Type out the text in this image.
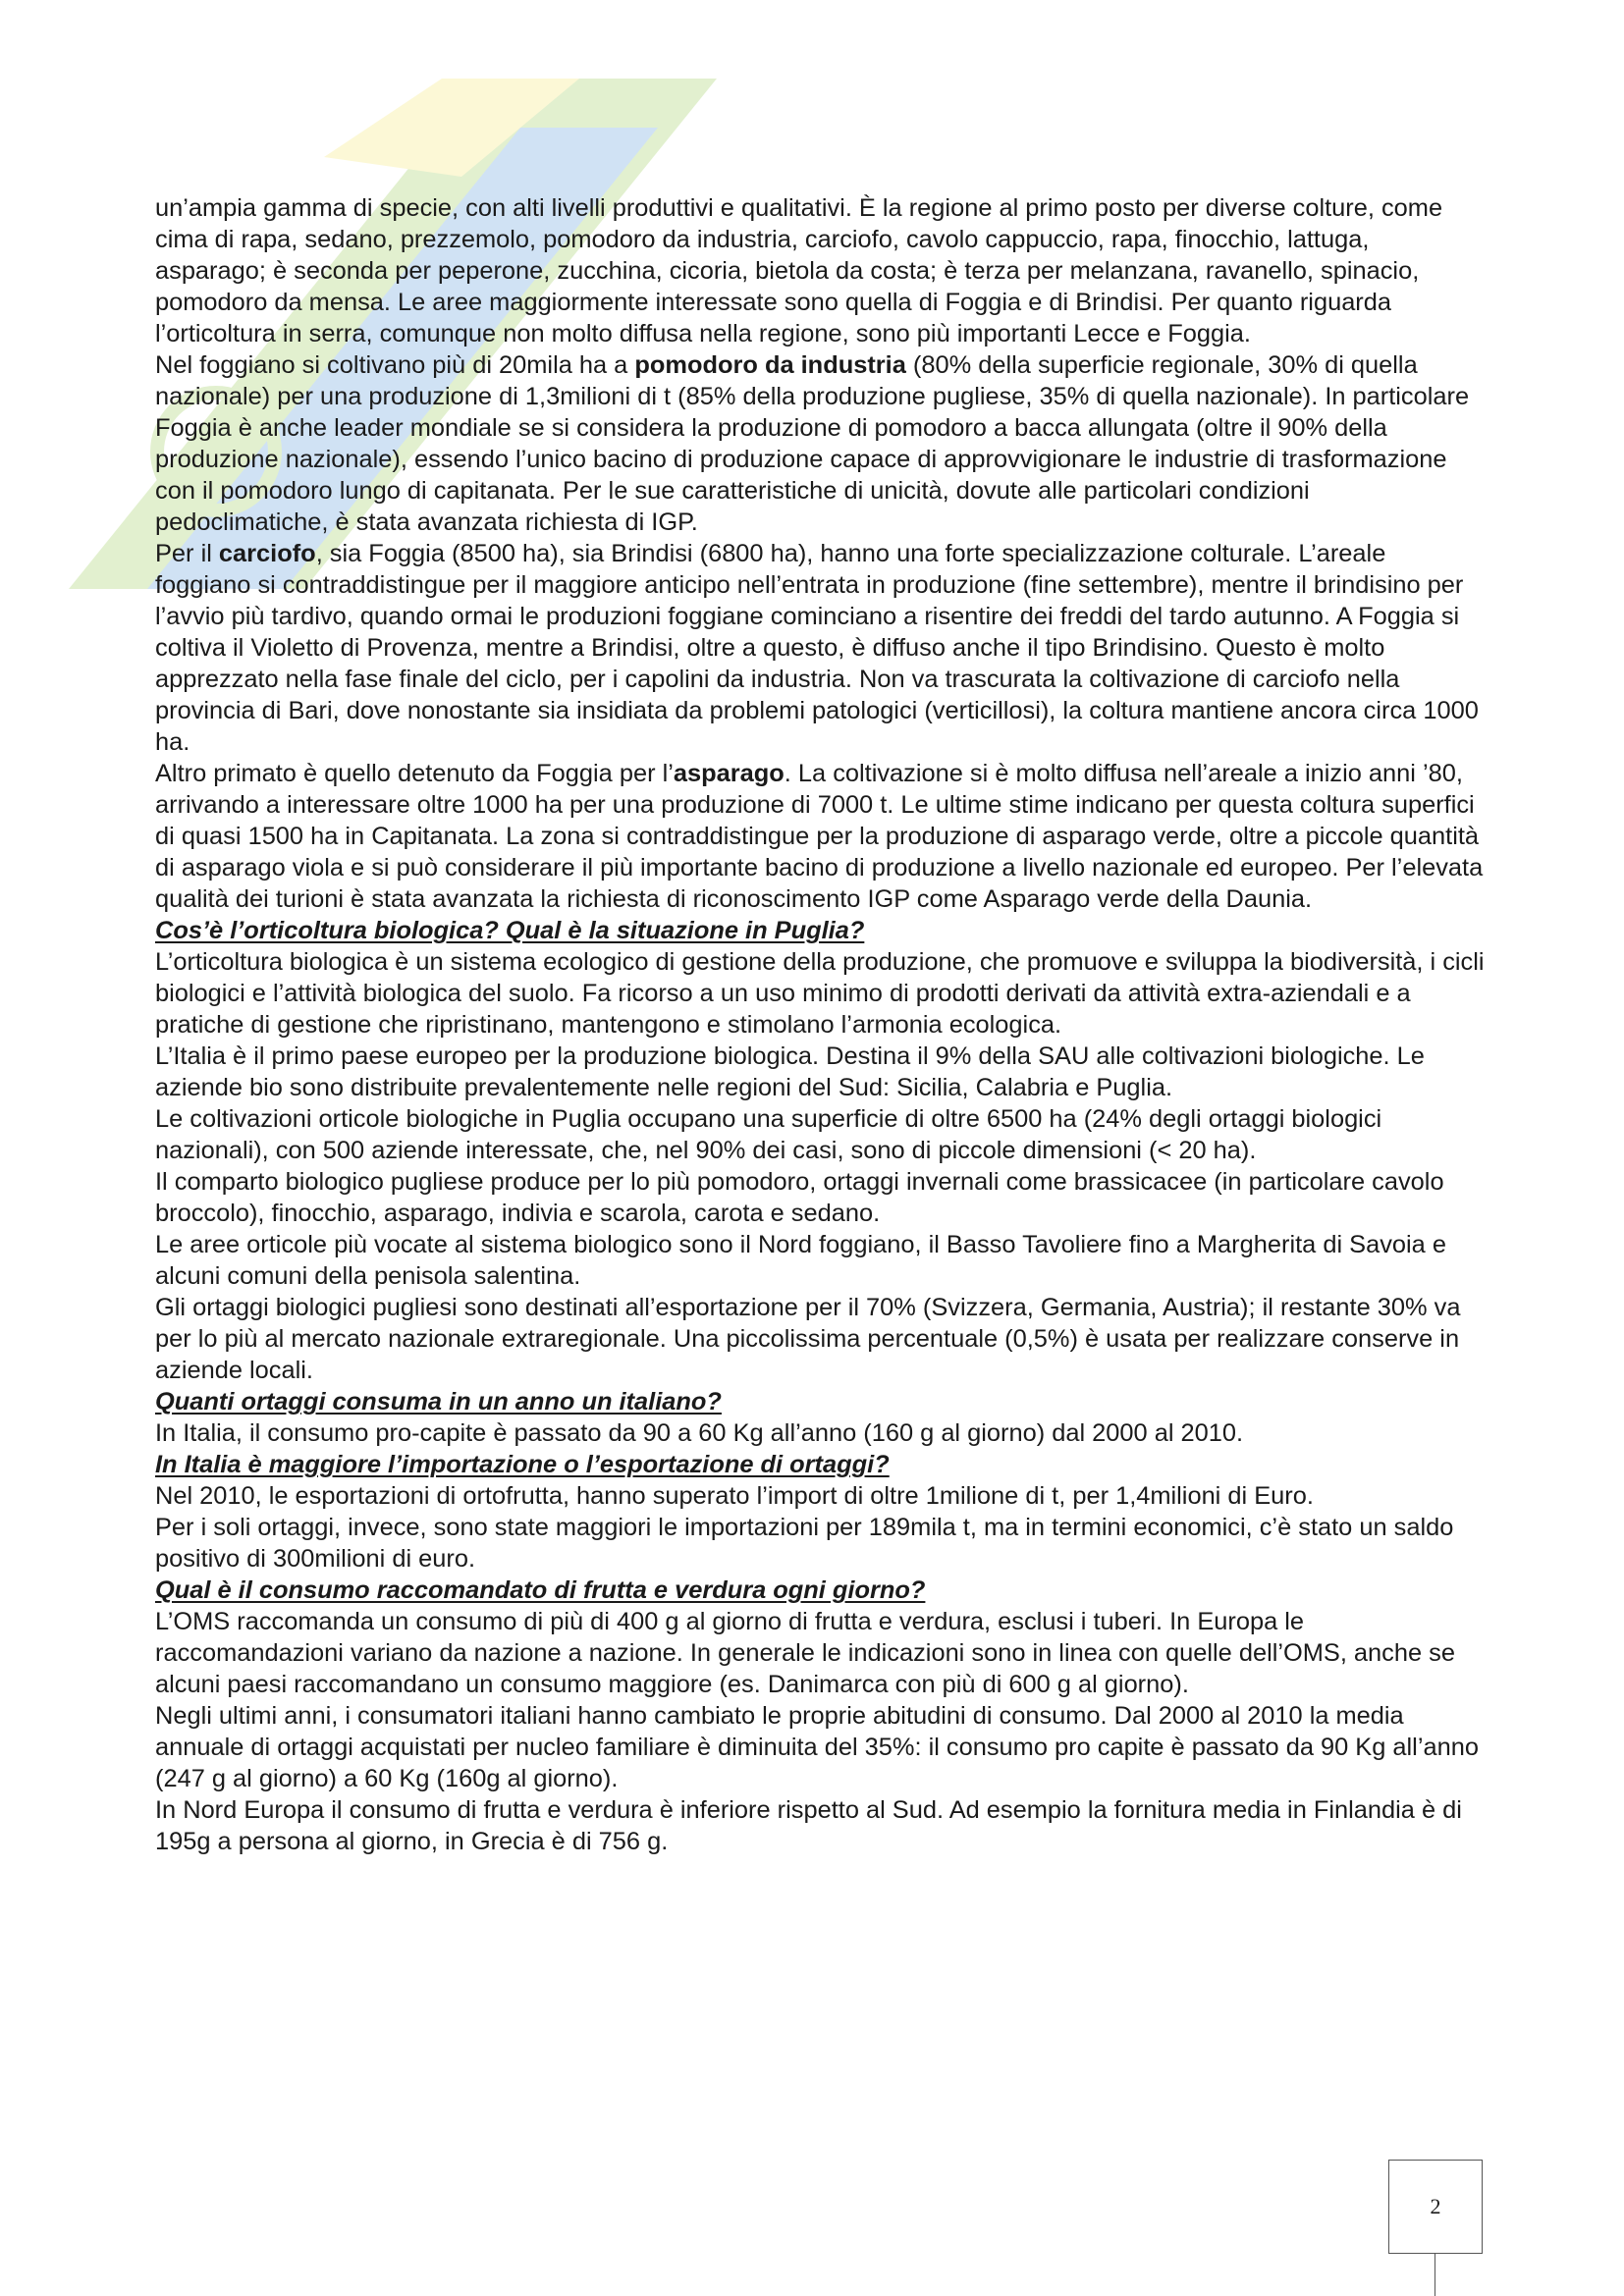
un’ampia gamma di specie, con alti livelli produttivi e qualitativi. È la regione al primo posto per diverse colture, come cima di rapa, sedano, prezzemolo, pomodoro da industria, carciofo, cavolo cappuccio, rapa, finocchio, lattuga, asparago; è seconda per peperone, zucchina, cicoria, bietola da costa; è terza per melanzana, ravanello, spinacio, pomodoro da mensa. Le aree maggiormente interessate sono quella di Foggia e di Brindisi. Per quanto riguarda l’orticoltura in serra, comunque non molto diffusa nella regione, sono più importanti Lecce e Foggia.

Nel foggiano si coltivano più di 20mila ha a pomodoro da industria (80% della superficie regionale, 30% di quella nazionale) per una produzione di 1,3milioni di t (85% della produzione pugliese, 35% di quella nazionale). In particolare Foggia è anche leader mondiale se si considera la produzione di pomodoro a bacca allungata (oltre il 90% della produzione nazionale), essendo l’unico bacino di produzione capace di approvvigionare le industrie di trasformazione con il pomodoro lungo di capitanata. Per le sue caratteristiche di unicità, dovute alle particolari condizioni pedoclimatiche, è stata avanzata richiesta di IGP.

Per il carciofo, sia Foggia (8500 ha), sia Brindisi (6800 ha), hanno una forte specializzazione colturale. L’areale foggiano si contraddistingue per il maggiore anticipo nell’entrata in produzione (fine settembre), mentre il brindisino per l’avvio più tardivo, quando ormai le produzioni foggiane cominciano a risentire dei freddi del tardo autunno. A Foggia si coltiva il Violetto di Provenza, mentre a Brindisi, oltre a questo, è diffuso anche il tipo Brindisino. Questo è molto apprezzato nella fase finale del ciclo, per i capolini da industria. Non va trascurata la coltivazione di carciofo nella provincia di Bari, dove nonostante sia insidiata da problemi patologici (verticillosi), la coltura mantiene ancora circa 1000 ha.

Altro primato è quello detenuto da Foggia per l’asparago. La coltivazione si è molto diffusa nell’areale a inizio anni ’80, arrivando a interessare oltre 1000 ha per una produzione di 7000 t. Le ultime stime indicano per questa coltura superfici di quasi 1500 ha in Capitanata. La zona si contraddistingue per la produzione di asparago verde, oltre a piccole quantità di asparago viola e si può considerare il più importante bacino di produzione a livello nazionale ed europeo. Per l’elevata qualità dei turioni è stata avanzata la richiesta di riconoscimento IGP come Asparago verde della Daunia.

Cos’è l’orticoltura biologica? Qual è la situazione in Puglia?

L’orticoltura biologica è un sistema ecologico di gestione della produzione, che promuove e sviluppa la biodiversità, i cicli biologici e l’attività biologica del suolo. Fa ricorso a un uso minimo di prodotti derivati da attività extra-aziendali e a pratiche di gestione che ripristinano, mantengono e stimolano l’armonia ecologica.

L’Italia è il primo paese europeo per la produzione biologica. Destina il 9% della SAU alle coltivazioni biologiche. Le aziende bio sono distribuite prevalentemente nelle regioni del Sud: Sicilia, Calabria e Puglia.

Le coltivazioni orticole biologiche in Puglia occupano una superficie di oltre 6500 ha (24% degli ortaggi biologici nazionali), con 500 aziende interessate, che, nel 90% dei casi, sono di piccole dimensioni (< 20 ha).

Il comparto biologico pugliese produce per lo più pomodoro, ortaggi invernali come brassicacee (in particolare cavolo broccolo), finocchio, asparago, indivia e scarola, carota e sedano.

Le aree orticole più vocate al sistema biologico sono il Nord foggiano, il Basso Tavoliere fino a Margherita di Savoia e alcuni comuni della penisola salentina.

Gli ortaggi biologici pugliesi sono destinati all’esportazione per il 70% (Svizzera, Germania, Austria); il restante 30% va per lo più al mercato nazionale extraregionale. Una piccolissima percentuale (0,5%) è usata per realizzare conserve in aziende locali.

Quanti ortaggi consuma in un anno un italiano?

In Italia, il consumo pro-capite è passato da 90 a 60 Kg all’anno (160 g al giorno) dal 2000 al 2010.

In Italia è maggiore l’importazione o l’esportazione di ortaggi?

Nel 2010, le esportazioni di ortofrutta, hanno superato l’import di oltre 1milione di t, per 1,4milioni di Euro.

Per i soli ortaggi, invece, sono state maggiori le importazioni per 189mila t, ma in termini economici, c’è stato un saldo positivo di 300milioni di euro.

Qual è il consumo raccomandato di frutta e verdura ogni giorno?

L’OMS raccomanda un consumo di più di 400 g al giorno di frutta e verdura, esclusi i tuberi. In Europa le raccomandazioni variano da nazione a nazione. In generale le indicazioni sono in linea con quelle dell’OMS, anche se alcuni paesi raccomandano un consumo maggiore (es. Danimarca con più di 600 g al giorno).

Negli ultimi anni, i consumatori italiani hanno cambiato le proprie abitudini di consumo. Dal 2000 al 2010 la media annuale di ortaggi acquistati per nucleo familiare è diminuita del 35%: il consumo pro capite è passato da 90 Kg all’anno (247 g al giorno) a 60 Kg (160g al giorno).

In Nord Europa il consumo di frutta e verdura è inferiore rispetto al Sud. Ad esempio la fornitura media in Finlandia è di 195g a persona al giorno, in Grecia è di 756 g.

2
